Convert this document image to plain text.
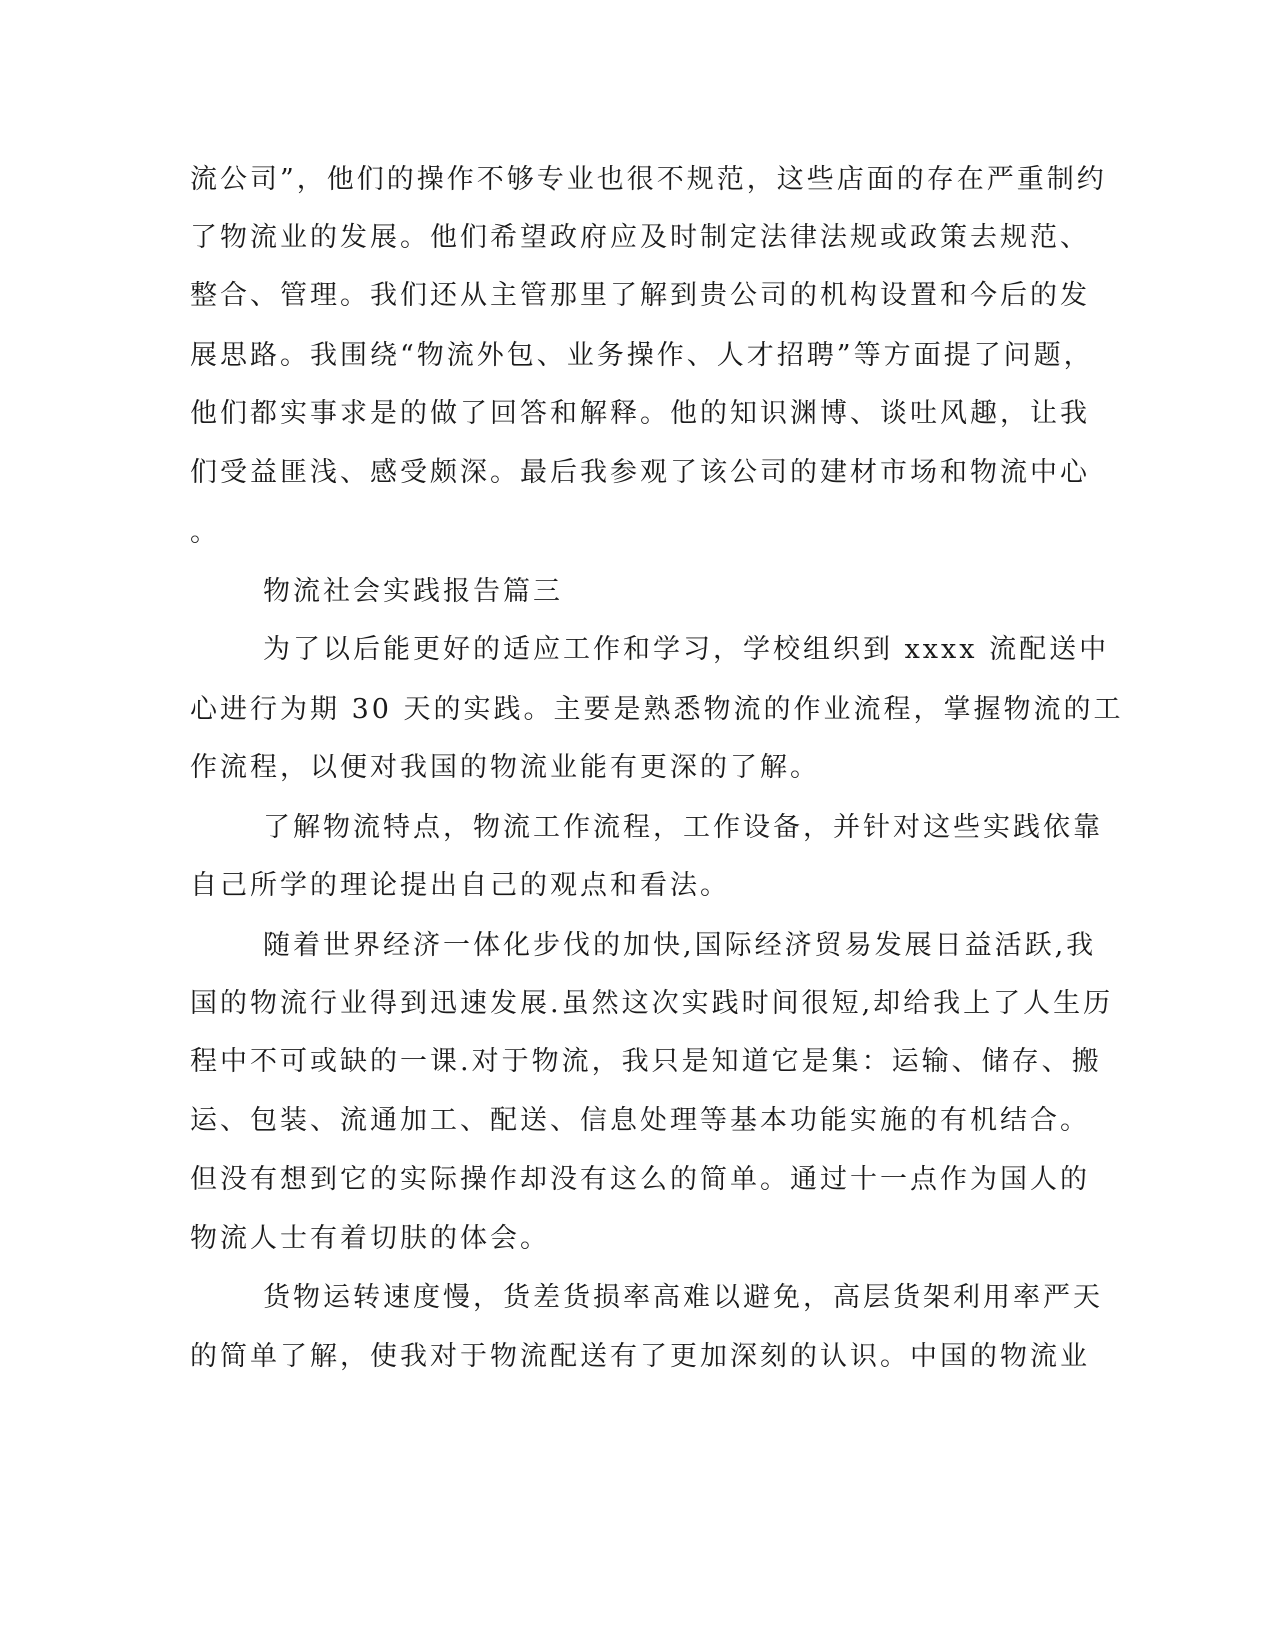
流公司”，他们的操作不够专业也很不规范，这些店面的存在严重制约
了物流业的发展。他们希望政府应及时制定法律法规或政策去规范、
整合、管理。我们还从主管那里了解到贵公司的机构设置和今后的发
展思路。我围绕“物流外包、业务操作、人才招聘”等方面提了问题，
他们都实事求是的做了回答和解释。他的知识渊博、谈吐风趣，让我
们受益匪浅、感受颇深。最后我参观了该公司的建材市场和物流中心
。
物流社会实践报告篇三
为了以后能更好的适应工作和学习，学校组织到 xxxx 流配送中
心进行为期 30 天的实践。主要是熟悉物流的作业流程，掌握物流的工
作流程，以便对我国的物流业能有更深的了解。
了解物流特点，物流工作流程，工作设备，并针对这些实践依靠
自己所学的理论提出自己的观点和看法。
随着世界经济一体化步伐的加快,国际经济贸易发展日益活跃,我
国的物流行业得到迅速发展.虽然这次实践时间很短,却给我上了人生历
程中不可或缺的一课.对于物流，我只是知道它是集：运输、储存、搬
运、包装、流通加工、配送、信息处理等基本功能实施的有机结合。
但没有想到它的实际操作却没有这么的简单。通过十一点作为国人的
物流人士有着切肤的体会。
货物运转速度慢，货差货损率高难以避免，高层货架利用率严天
的简单了解，使我对于物流配送有了更加深刻的认识。中国的物流业
